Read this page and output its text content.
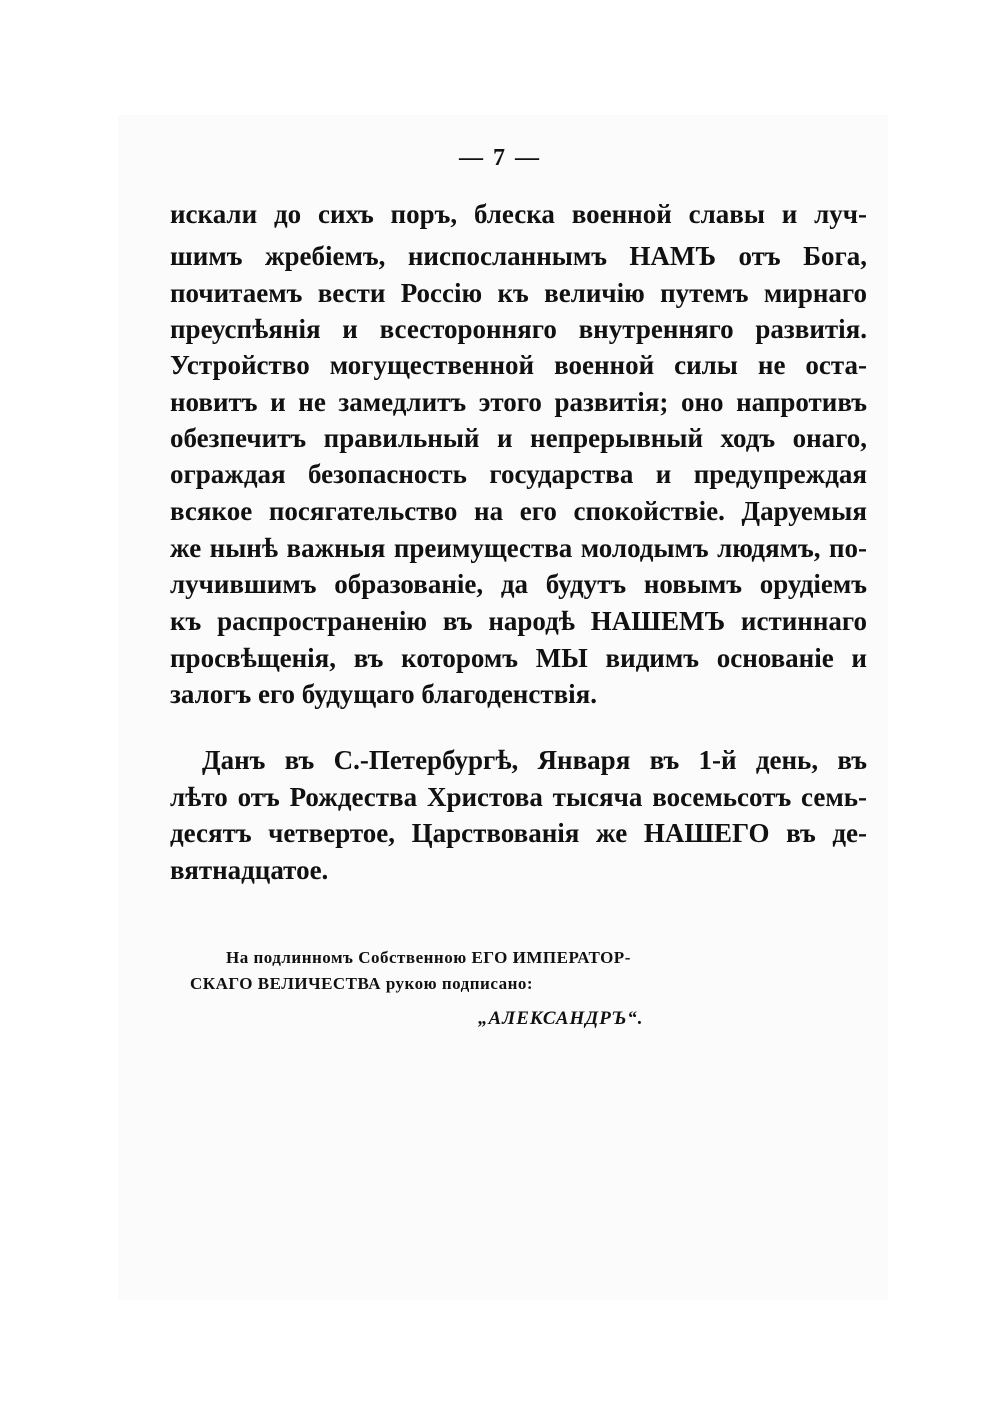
— 7 —
искали до сихъ поръ, блеска военной славы и луч-
шимъ жребіемъ, ниспосланнымъ НАМЪ отъ Бога,
почитаемъ вести Россію къ величію путемъ мирнаго
преуспѣянія и всесторонняго внутренняго развитія.
Устройство могущественной военной силы не оста-
новитъ и не замедлитъ этого развитія; оно напротивъ
обезпечитъ правильный и непрерывный ходъ онаго,
ограждая безопасность государства и предупреждая
всякое посягательство на его спокойствіе. Даруемыя
же нынѣ важныя преимущества молодымъ людямъ, по-
лучившимъ образованіе, да будутъ новымъ орудіемъ
къ распространенію въ народѣ НАШЕМЪ истиннаго
просвѣщенія, въ которомъ МЫ видимъ основаніе и
залогъ его будущаго благоденствія.
Данъ въ С.-Петербургѣ, Января въ 1-й день, въ
лѣто отъ Рождества Христова тысяча восемьсотъ семь-
десятъ четвертое, Царствованія же НАШЕГО въ де-
вятнадцатое.
На подлинномъ Собственною ЕГО ИМПЕРАТОР-
СКАГО ВЕЛИЧЕСТВА рукою подписано:
„АЛЕКСАНДРЪ“.
